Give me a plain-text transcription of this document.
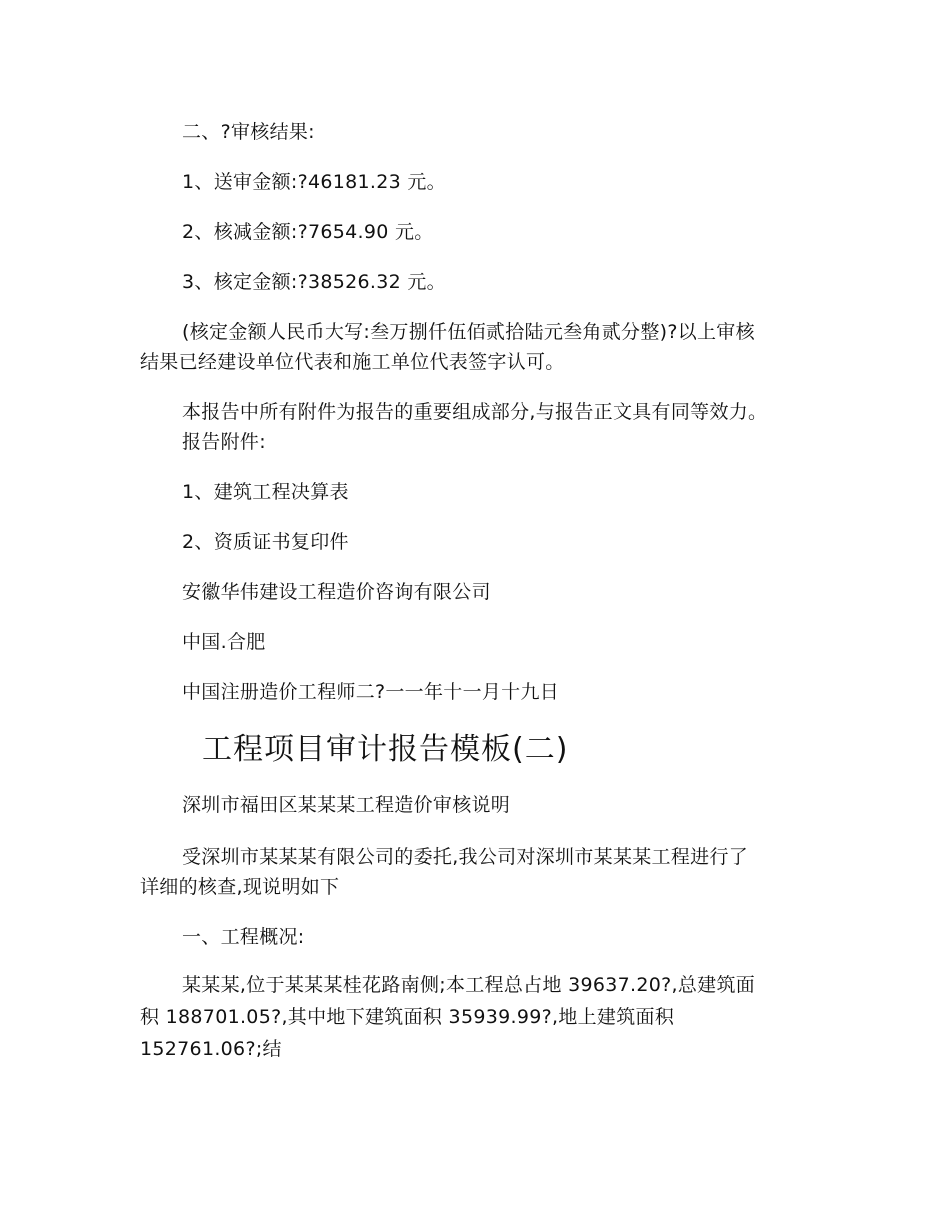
二、?审核结果:
1、送审金额:?46181.23 元。
2、核减金额:?7654.90 元。
3、核定金额:?38526.32 元。
(核定金额人民币大写:叁万捌仟伍佰贰拾陆元叁角贰分整)?以上审核
结果已经建设单位代表和施工单位代表签字认可。
本报告中所有附件为报告的重要组成部分,与报告正文具有同等效力。
报告附件:
1、建筑工程决算表
2、资质证书复印件
安徽华伟建设工程造价咨询有限公司
中国.合肥
中国注册造价工程师二?一一年十一月十九日
工程项目审计报告模板(二)
深圳市福田区某某某工程造价审核说明
受深圳市某某某有限公司的委托,我公司对深圳市某某某工程进行了
详细的核查,现说明如下
一、工程概况:
某某某,位于某某某桂花路南侧;本工程总占地 39637.20?,总建筑面
积 188701.05?,其中地下建筑面积 35939.99?,地上建筑面积
152761.06?;结
